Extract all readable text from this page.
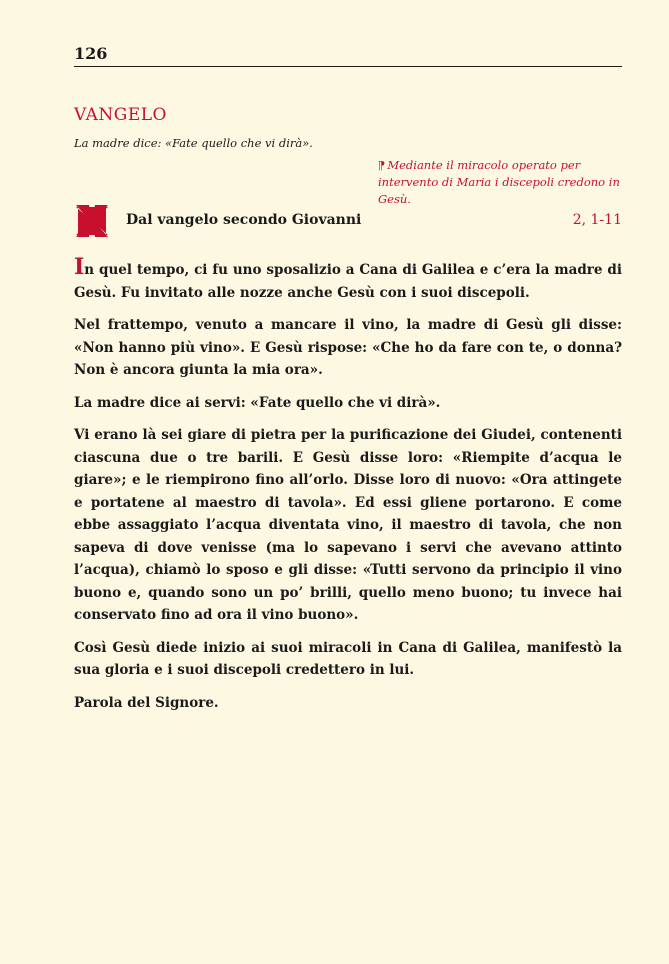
126
VANGELO
La madre dice: «Fate quello che vi dirà».
⁋ Mediante il miracolo operato per intervento di Maria i discepoli credono in Gesù.
Dal vangelo secondo Giovanni	2, 1-11

In quel tempo, ci fu uno sposalizio a Cana di Galilea e c’era la madre di Gesù. Fu invitato alle nozze anche Gesù con i suoi discepoli.

Nel frattempo, venuto a mancare il vino, la madre di Gesù gli disse: «Non hanno più vino». E Gesù rispose: «Che ho da fare con te, o donna? Non è ancora giunta la mia ora».

La madre dice ai servi: «Fate quello che vi dirà».

Vi erano là sei giare di pietra per la purificazione dei Giudei, contenenti ciascuna due o tre barili. E Gesù disse loro: «Riempite d’acqua le giare»; e le riempirono fino all’orlo. Disse loro di nuovo: «Ora attingete e portatene al maestro di tavola». Ed essi gliene portarono. E come ebbe assaggiato l’acqua diventata vino, il maestro di tavola, che non sapeva di dove venisse (ma lo sapevano i servi che avevano attinto l’acqua), chiamò lo sposo e gli disse: «Tutti servono da principio il vino buono e, quando sono un po’ brilli, quello meno buono; tu invece hai conservato fino ad ora il vino buono».

Così Gesù diede inizio ai suoi miracoli in Cana di Galilea, manifestò la sua gloria e i suoi discepoli credettero in lui.

Parola del Signore.
